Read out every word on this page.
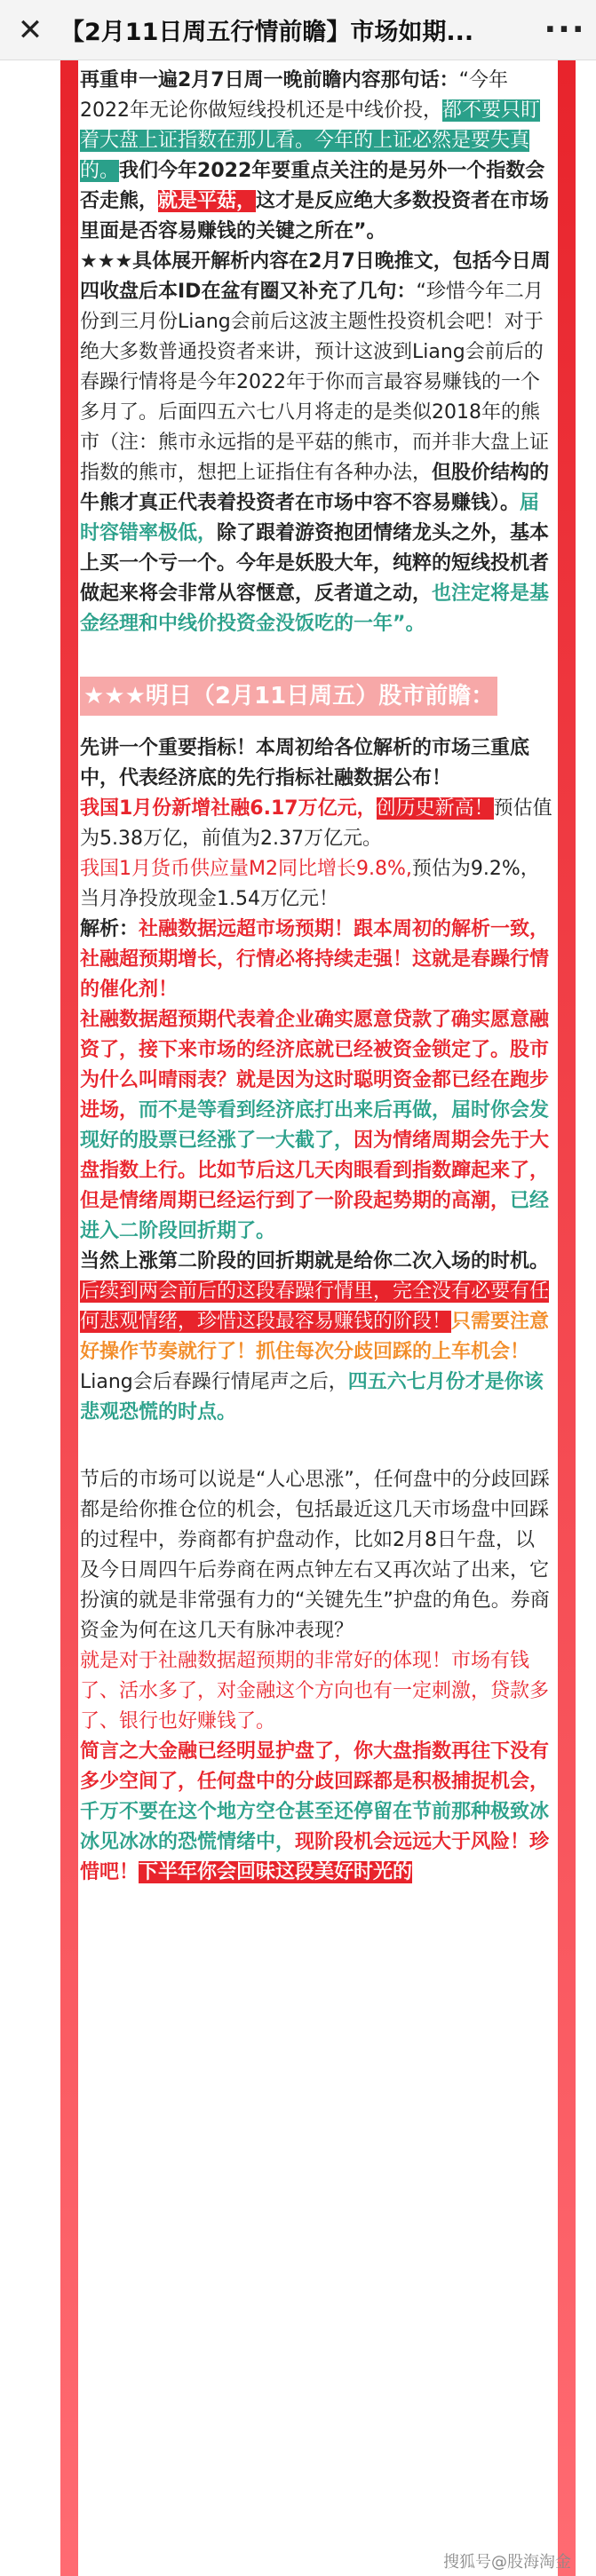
✕ 【2月11日周五行情前瞻】市场如期...	···
再重申一遍2月7日周一晚前瞻内容那句话：“今年2022年无论你做短线投机还是中线价投，都不要只盯着大盘上证指数在那儿看。今年的上证必然是要失真的。我们今年2022年要重点关注的是另外一个指数会否走熊，就是平菇，这才是反应绝大多数投资者在市场里面是否容易赚钱的关键之所在”。
★★★具体展开解析内容在2月7日晚推文，包括今日周四收盘后本ID在盆有圈又补充了几句：“珍惜今年二月份到三月份Liang会前后这波主题性投资机会吧！对于绝大多数普通投资者来讲，预计这波到Liang会前后的春躁行情将是今年2022年于你而言最容易赚钱的一个多月了。后面四五六七八月将走的是类似2018年的熊市（注：熊市永远指的是平菇的熊市，而并非大盘上证指数的熊市，想把上证指住有各种办法，但股价结构的牛熊才真正代表着投资者在市场中容不容易赚钱）。届时容错率极低，除了跟着游资抱团情绪龙头之外，基本上买一个亏一个。今年是妖股大年，纯粹的短线投机者做起来将会非常从容惬意，反者道之动，也注定将是基金经理和中线价投资金没饭吃的一年”。
★★★明日（2月11日周五）股市前瞻：
先讲一个重要指标！本周初给各位解析的市场三重底中，代表经济底的先行指标社融数据公布！
我国1月份新增社融6.17万亿元，创历史新高！预估值为5.38万亿，前值为2.37万亿元。
我国1月货币供应量M2同比增长9.8%,预估为9.2%，当月净投放现金1.54万亿元！
解析：社融数据远超市场预期！跟本周初的解析一致，社融超预期增长，行情必将持续走强！这就是春躁行情的催化剂！
社融数据超预期代表着企业确实愿意贷款了确实愿意融资了，接下来市场的经济底就已经被资金锁定了。股市为什么叫晴雨表？就是因为这时聪明资金都已经在跑步进场，而不是等看到经济底打出来后再做，届时你会发现好的股票已经涨了一大截了，因为情绪周期会先于大盘指数上行。比如节后这几天肉眼看到指数蹿起来了，但是情绪周期已经运行到了一阶段起势期的高潮，已经进入二阶段回折期了。
当然上涨第二阶段的回折期就是给你二次入场的时机。
后续到两会前后的这段春躁行情里，完全没有必要有任何悲观情绪，珍惜这段最容易赚钱的阶段！只需要注意好操作节奏就行了！抓住每次分歧回踩的上车机会！Liang会后春躁行情尾声之后，四五六七月份才是你该悲观恐慌的时点。
节后的市场可以说是“人心思涨”，任何盘中的分歧回踩都是给你推仓位的机会，包括最近这几天市场盘中回踩的过程中，券商都有护盘动作，比如2月8日午盘，以及今日周四午后券商在两点钟左右又再次站了出来，它扮演的就是非常强有力的“关键先生”护盘的角色。券商资金为何在这几天有脉冲表现？
就是对于社融数据超预期的非常好的体现！市场有钱了、活水多了，对金融这个方向也有一定刺激，贷款多了、银行也好赚钱了。
简言之大金融已经明显护盘了，你大盘指数再往下没有多少空间了，任何盘中的分歧回踩都是积极捕捉机会，千万不要在这个地方空仓甚至还停留在节前那种极致冰冰见冰冰的恐慌情绪中，现阶段机会远远大于风险！珍惜吧！下半年你会回味这段美好时光的
搜狐号@股海淘金
